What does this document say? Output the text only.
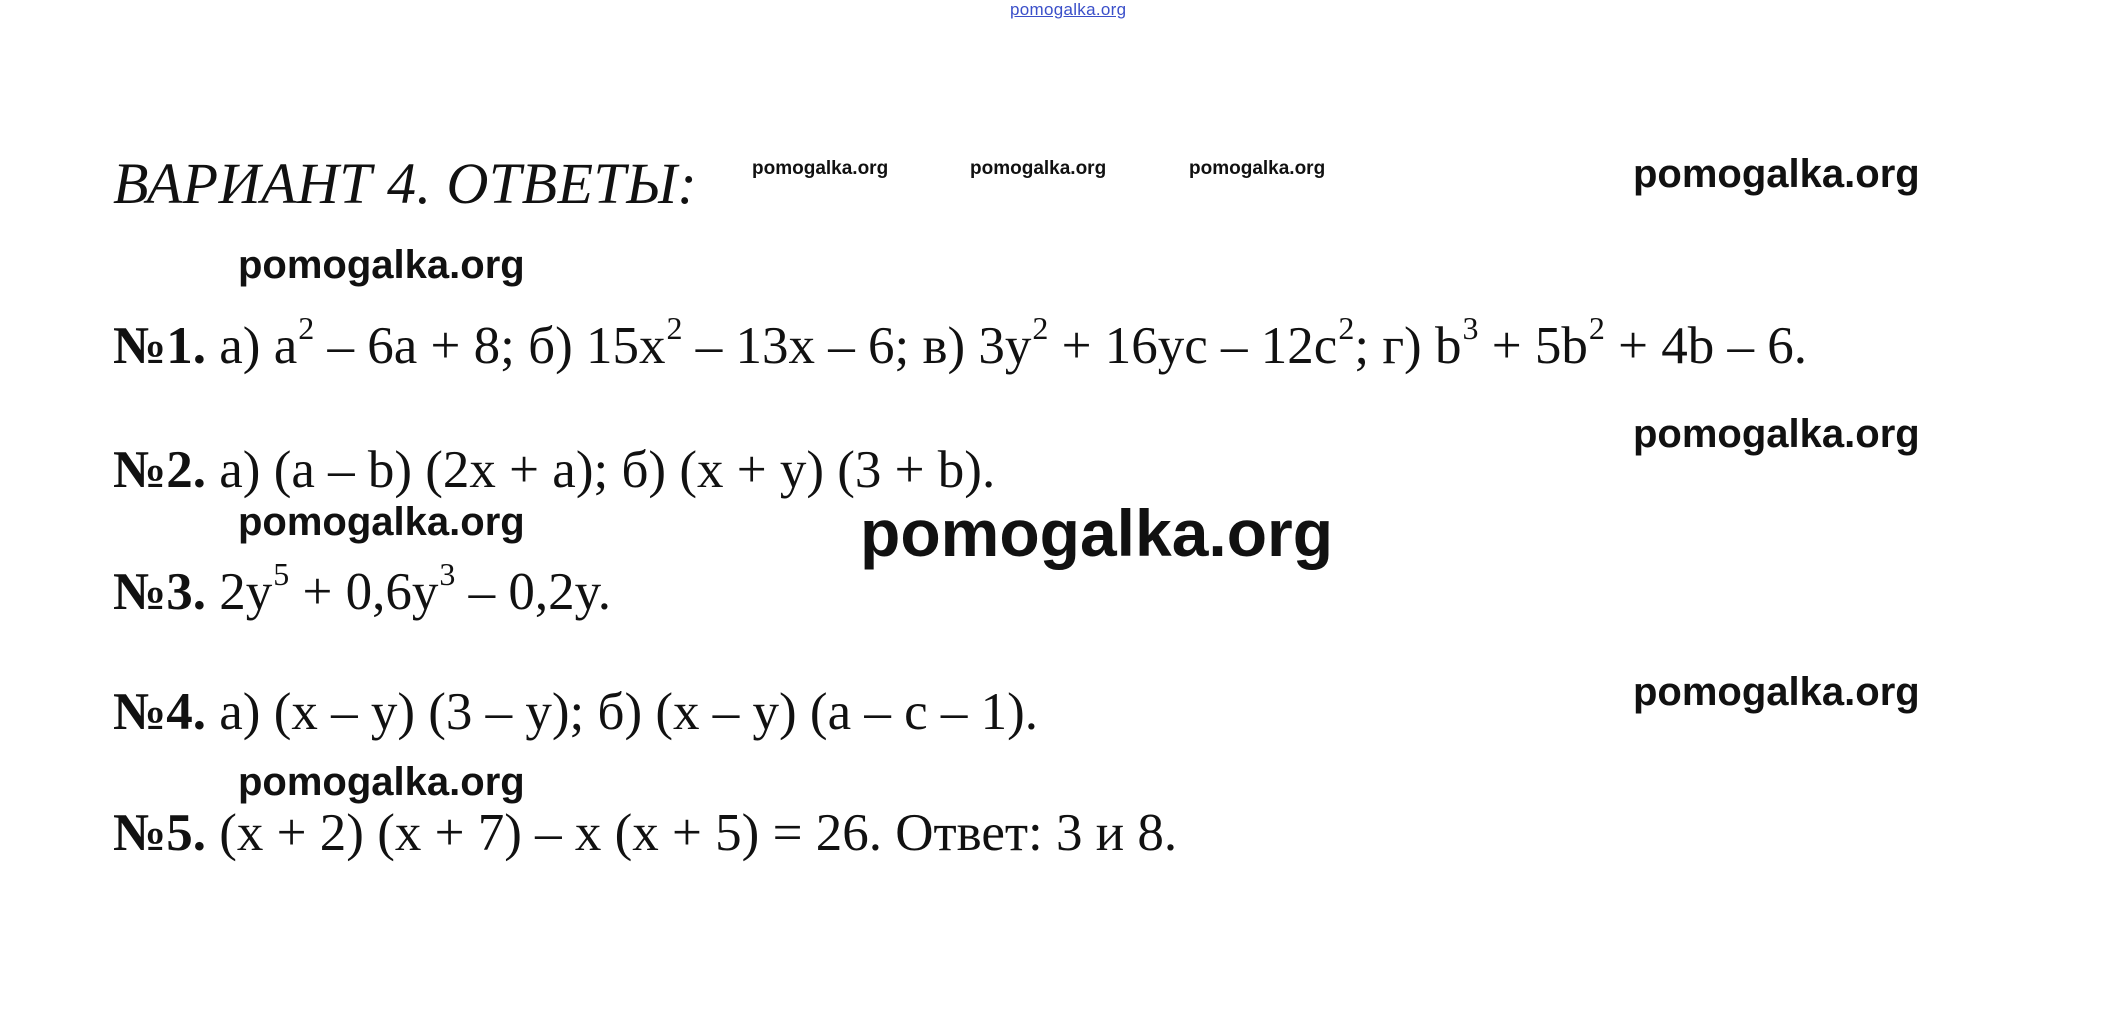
pomogalka.org
ВАРИАНТ 4. ОТВЕТЫ:	pomogalka.org	pomogalka.org	pomogalka.org	pomogalka.org
pomogalka.org
pomogalka.org
pomogalka.org
pomogalka.org
pomogalka.org
pomogalka.org
№1. а) $a^2 - 6a + 8$; б) $15x^2 - 13x - 6$; в) $3y^2 + 16yc - 12c^2$; г) $b^3 + 5b^2 + 4b - 6$.
№2. а) (a – b) (2x + a); б) (x + y) (3 + b).
№3. $2y^5 + 0,6y^3 - 0,2y$.
№4. а) (x – y) (3 – y); б) (x – y) (a – c – 1).
№5. (x + 2) (x + 7) – x (x + 5) = 26. Ответ: 3 и 8.
